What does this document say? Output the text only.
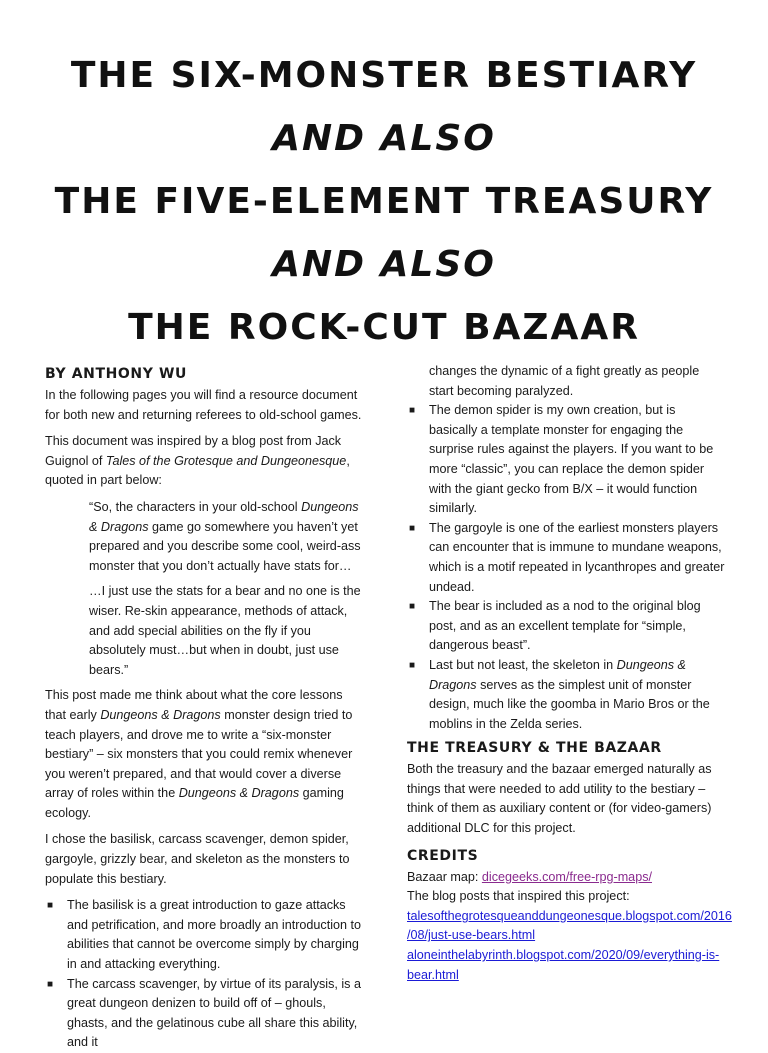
THE SIX-MONSTER BESTIARY
AND ALSO
THE FIVE-ELEMENT TREASURY
AND ALSO
THE ROCK-CUT BAZAAR
BY ANTHONY WU

In the following pages you will find a resource document for both new and returning referees to old-school games.

This document was inspired by a blog post from Jack Guignol of Tales of the Grotesque and Dungeonesque, quoted in part below:

“So, the characters in your old-school Dungeons & Dragons game go somewhere you haven’t yet prepared and you describe some cool, weird-ass monster that you don’t actually have stats for…

…I just use the stats for a bear and no one is the wiser. Re-skin appearance, methods of attack, and add special abilities on the fly if you absolutely must…but when in doubt, just use bears.”

This post made me think about what the core lessons that early Dungeons & Dragons monster design tried to teach players, and drove me to write a “six-monster bestiary” – six monsters that you could remix whenever you weren’t prepared, and that would cover a diverse array of roles within the Dungeons & Dragons gaming ecology.

I chose the basilisk, carcass scavenger, demon spider, gargoyle, grizzly bear, and skeleton as the monsters to populate this bestiary.

■ The basilisk is a great introduction to gaze attacks and petrification, and more broadly an introduction to abilities that cannot be overcome simply by charging in and attacking everything.
■ The carcass scavenger, by virtue of its paralysis, is a great dungeon denizen to build off of – ghouls, ghasts, and the gelatinous cube all share this ability, and it

changes the dynamic of a fight greatly as people start becoming paralyzed.

■ The demon spider is my own creation, but is basically a template monster for engaging the surprise rules against the players. If you want to be more “classic”, you can replace the demon spider with the giant gecko from B/X – it would function similarly.
■ The gargoyle is one of the earliest monsters players can encounter that is immune to mundane weapons, which is a motif repeated in lycanthropes and greater undead.
■ The bear is included as a nod to the original blog post, and as an excellent template for “simple, dangerous beast”.
■ Last but not least, the skeleton in Dungeons & Dragons serves as the simplest unit of monster design, much like the goomba in Mario Bros or the moblins in the Zelda series.
THE TREASURY & THE BAZAAR

Both the treasury and the bazaar emerged naturally as things that were needed to add utility to the bestiary – think of them as auxiliary content or (for video-gamers) additional DLC for this project.

CREDITS
Bazaar map: dicegeeks.com/free-rpg-maps/
The blog posts that inspired this project:
talesofthegrotesqueanddungeonesque.blogspot.com/2016
/08/just-use-bears.html
aloneinthelabyrinth.blogspot.com/2020/09/everything-is-
bear.html
